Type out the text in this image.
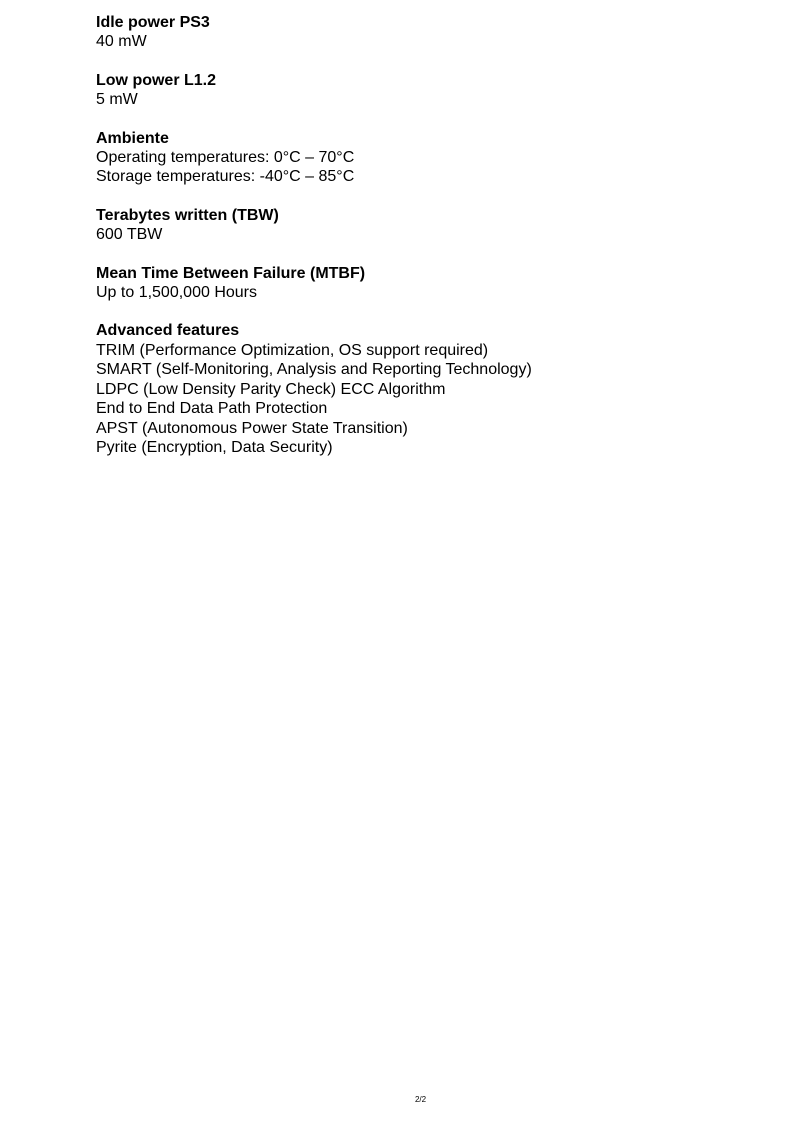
Idle power PS3

40 mW

Low power L1.2

5 mW

Ambiente

Operating temperatures: 0°C – 70°C

Storage temperatures: -40°C – 85°C

Terabytes written (TBW)

600 TBW

Mean Time Between Failure (MTBF)

Up to 1,500,000 Hours

Advanced features

TRIM (Performance Optimization, OS support required)

SMART (Self-Monitoring, Analysis and Reporting Technology)

LDPC (Low Density Parity Check) ECC Algorithm

End to End Data Path Protection

APST (Autonomous Power State Transition)

Pyrite (Encryption, Data Security)

2/2
